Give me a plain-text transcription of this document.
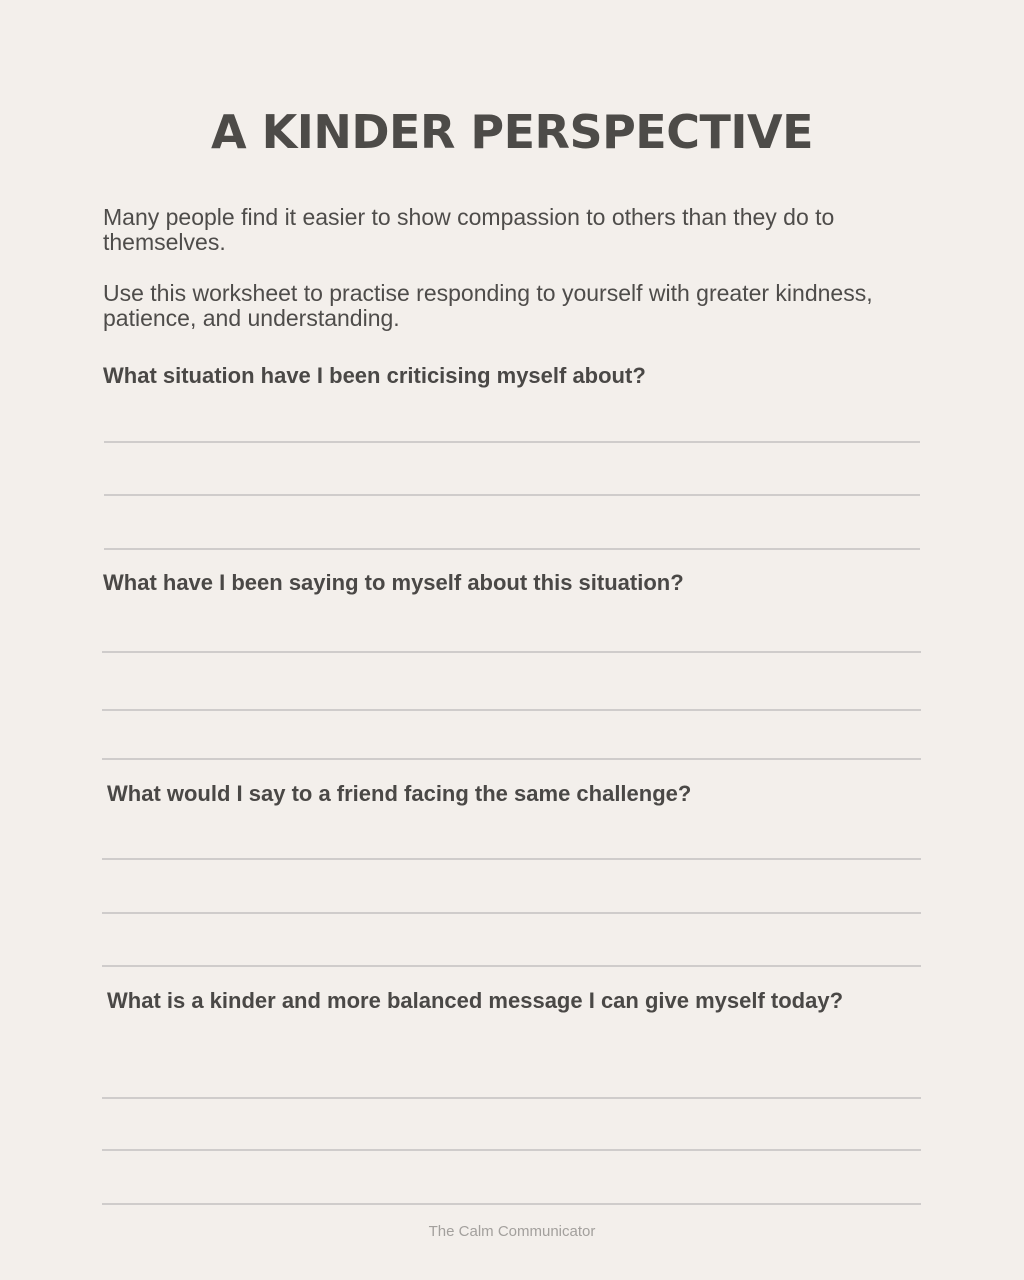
A KINDER PERSPECTIVE

Many people find it easier to show compassion to others than they do to themselves.

Use this worksheet to practise responding to yourself with greater kindness, patience, and understanding.

What situation have I been criticising myself about?
What have I been saying to myself about this situation?
What would I say to a friend facing the same challenge?
What is a kinder and more balanced message I can give myself today?

The Calm Communicator
